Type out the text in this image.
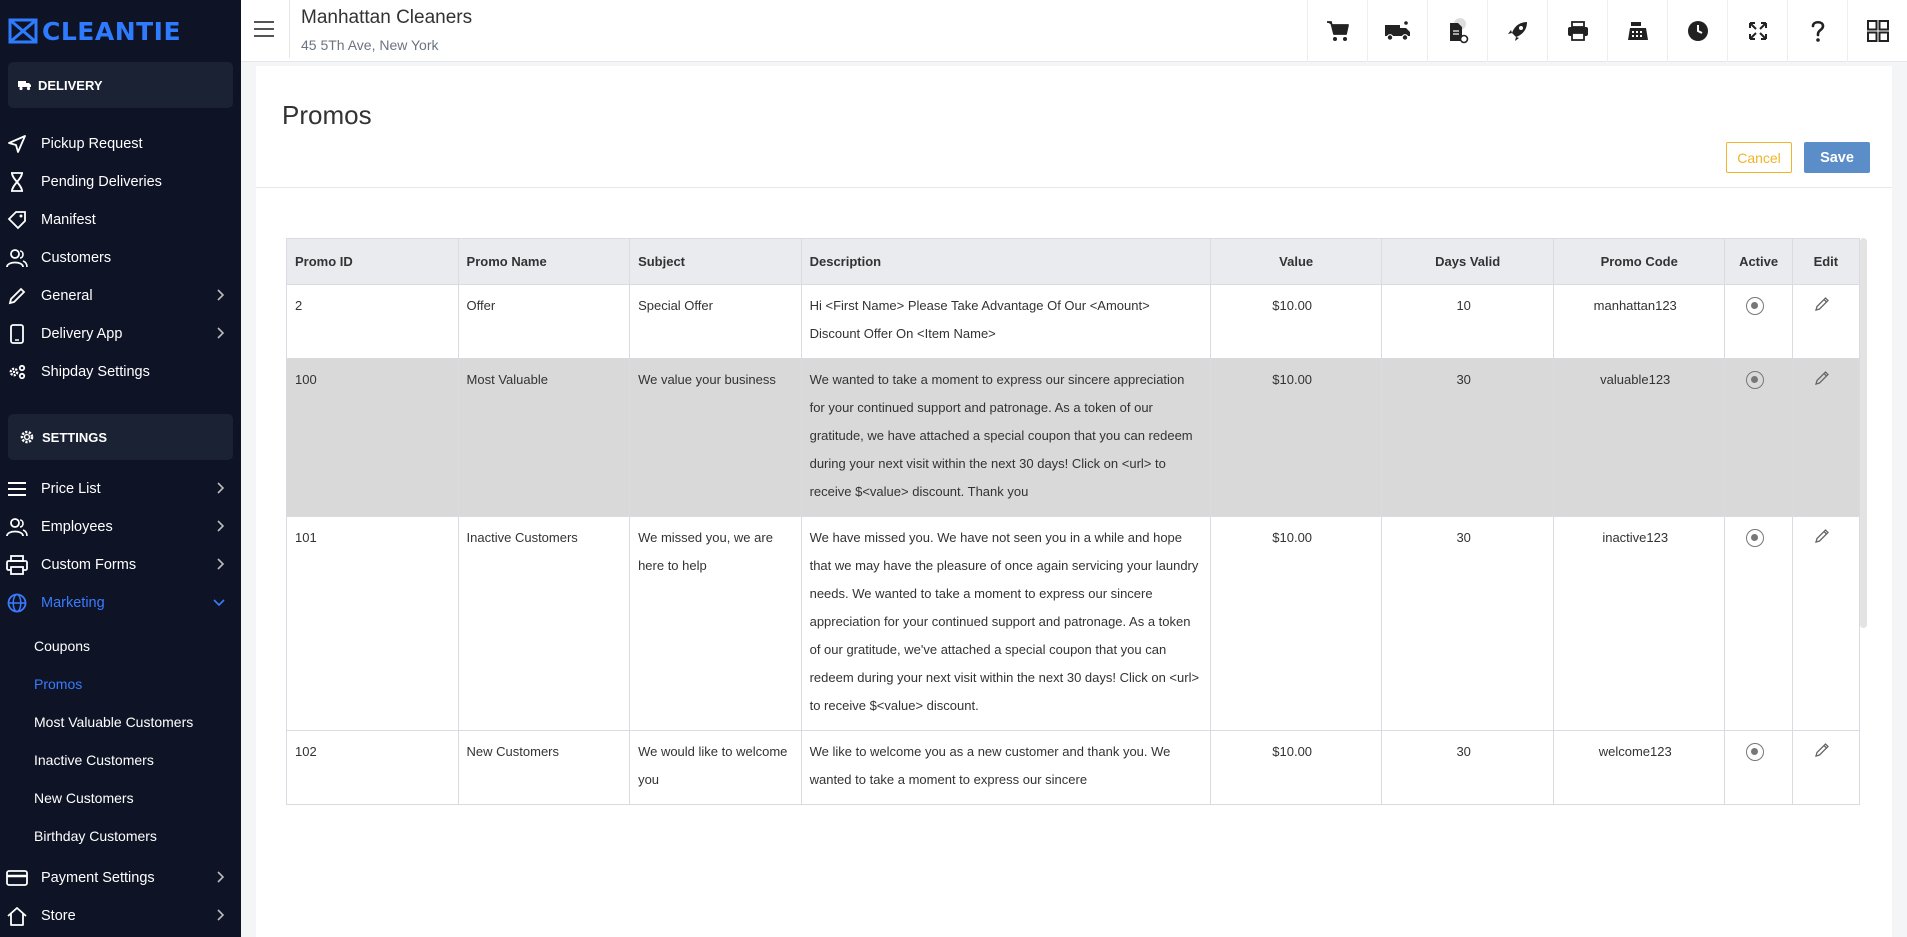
CLEANTIE
DELIVERY
Pickup Request
Pending Deliveries
Manifest
Customers
General
Delivery App
Shipday Settings
SETTINGS
Price List
Employees
Custom Forms
Marketing
Coupons
Promos
Most Valuable Customers
Inactive Customers
New Customers
Birthday Customers
Payment Settings
Store
Manhattan Cleaners
45 5Th Ave, New York
Promos
Cancel	Save
Promo ID	Promo Name	Subject	Description	Value	Days Valid	Promo Code	Active	Edit
2	Offer	Special Offer	Hi <First Name> Please Take Advantage Of Our <Amount> Discount Offer On <Item Name>	$10.00	10	manhattan123		
100	Most Valuable	We value your business	We wanted to take a moment to express our sincere appreciation for your continued support and patronage. As a token of our gratitude, we have attached a special coupon that you can redeem during your next visit within the next 30 days! Click on <url> to receive $<value> discount. Thank you	$10.00	30	valuable123		
101	Inactive Customers	We missed you, we are here to help	We have missed you. We have not seen you in a while and hope that we may have the pleasure of once again servicing your laundry needs. We wanted to take a moment to express our sincere appreciation for your continued support and patronage. As a token of our gratitude, we've attached a special coupon that you can redeem during your next visit within the next 30 days! Click on <url> to receive $<value> discount.	$10.00	30	inactive123		
102	New Customers	We would like to welcome you	We like to welcome you as a new customer and thank you. We wanted to take a moment to express our sincere	$10.00	30	welcome123		
